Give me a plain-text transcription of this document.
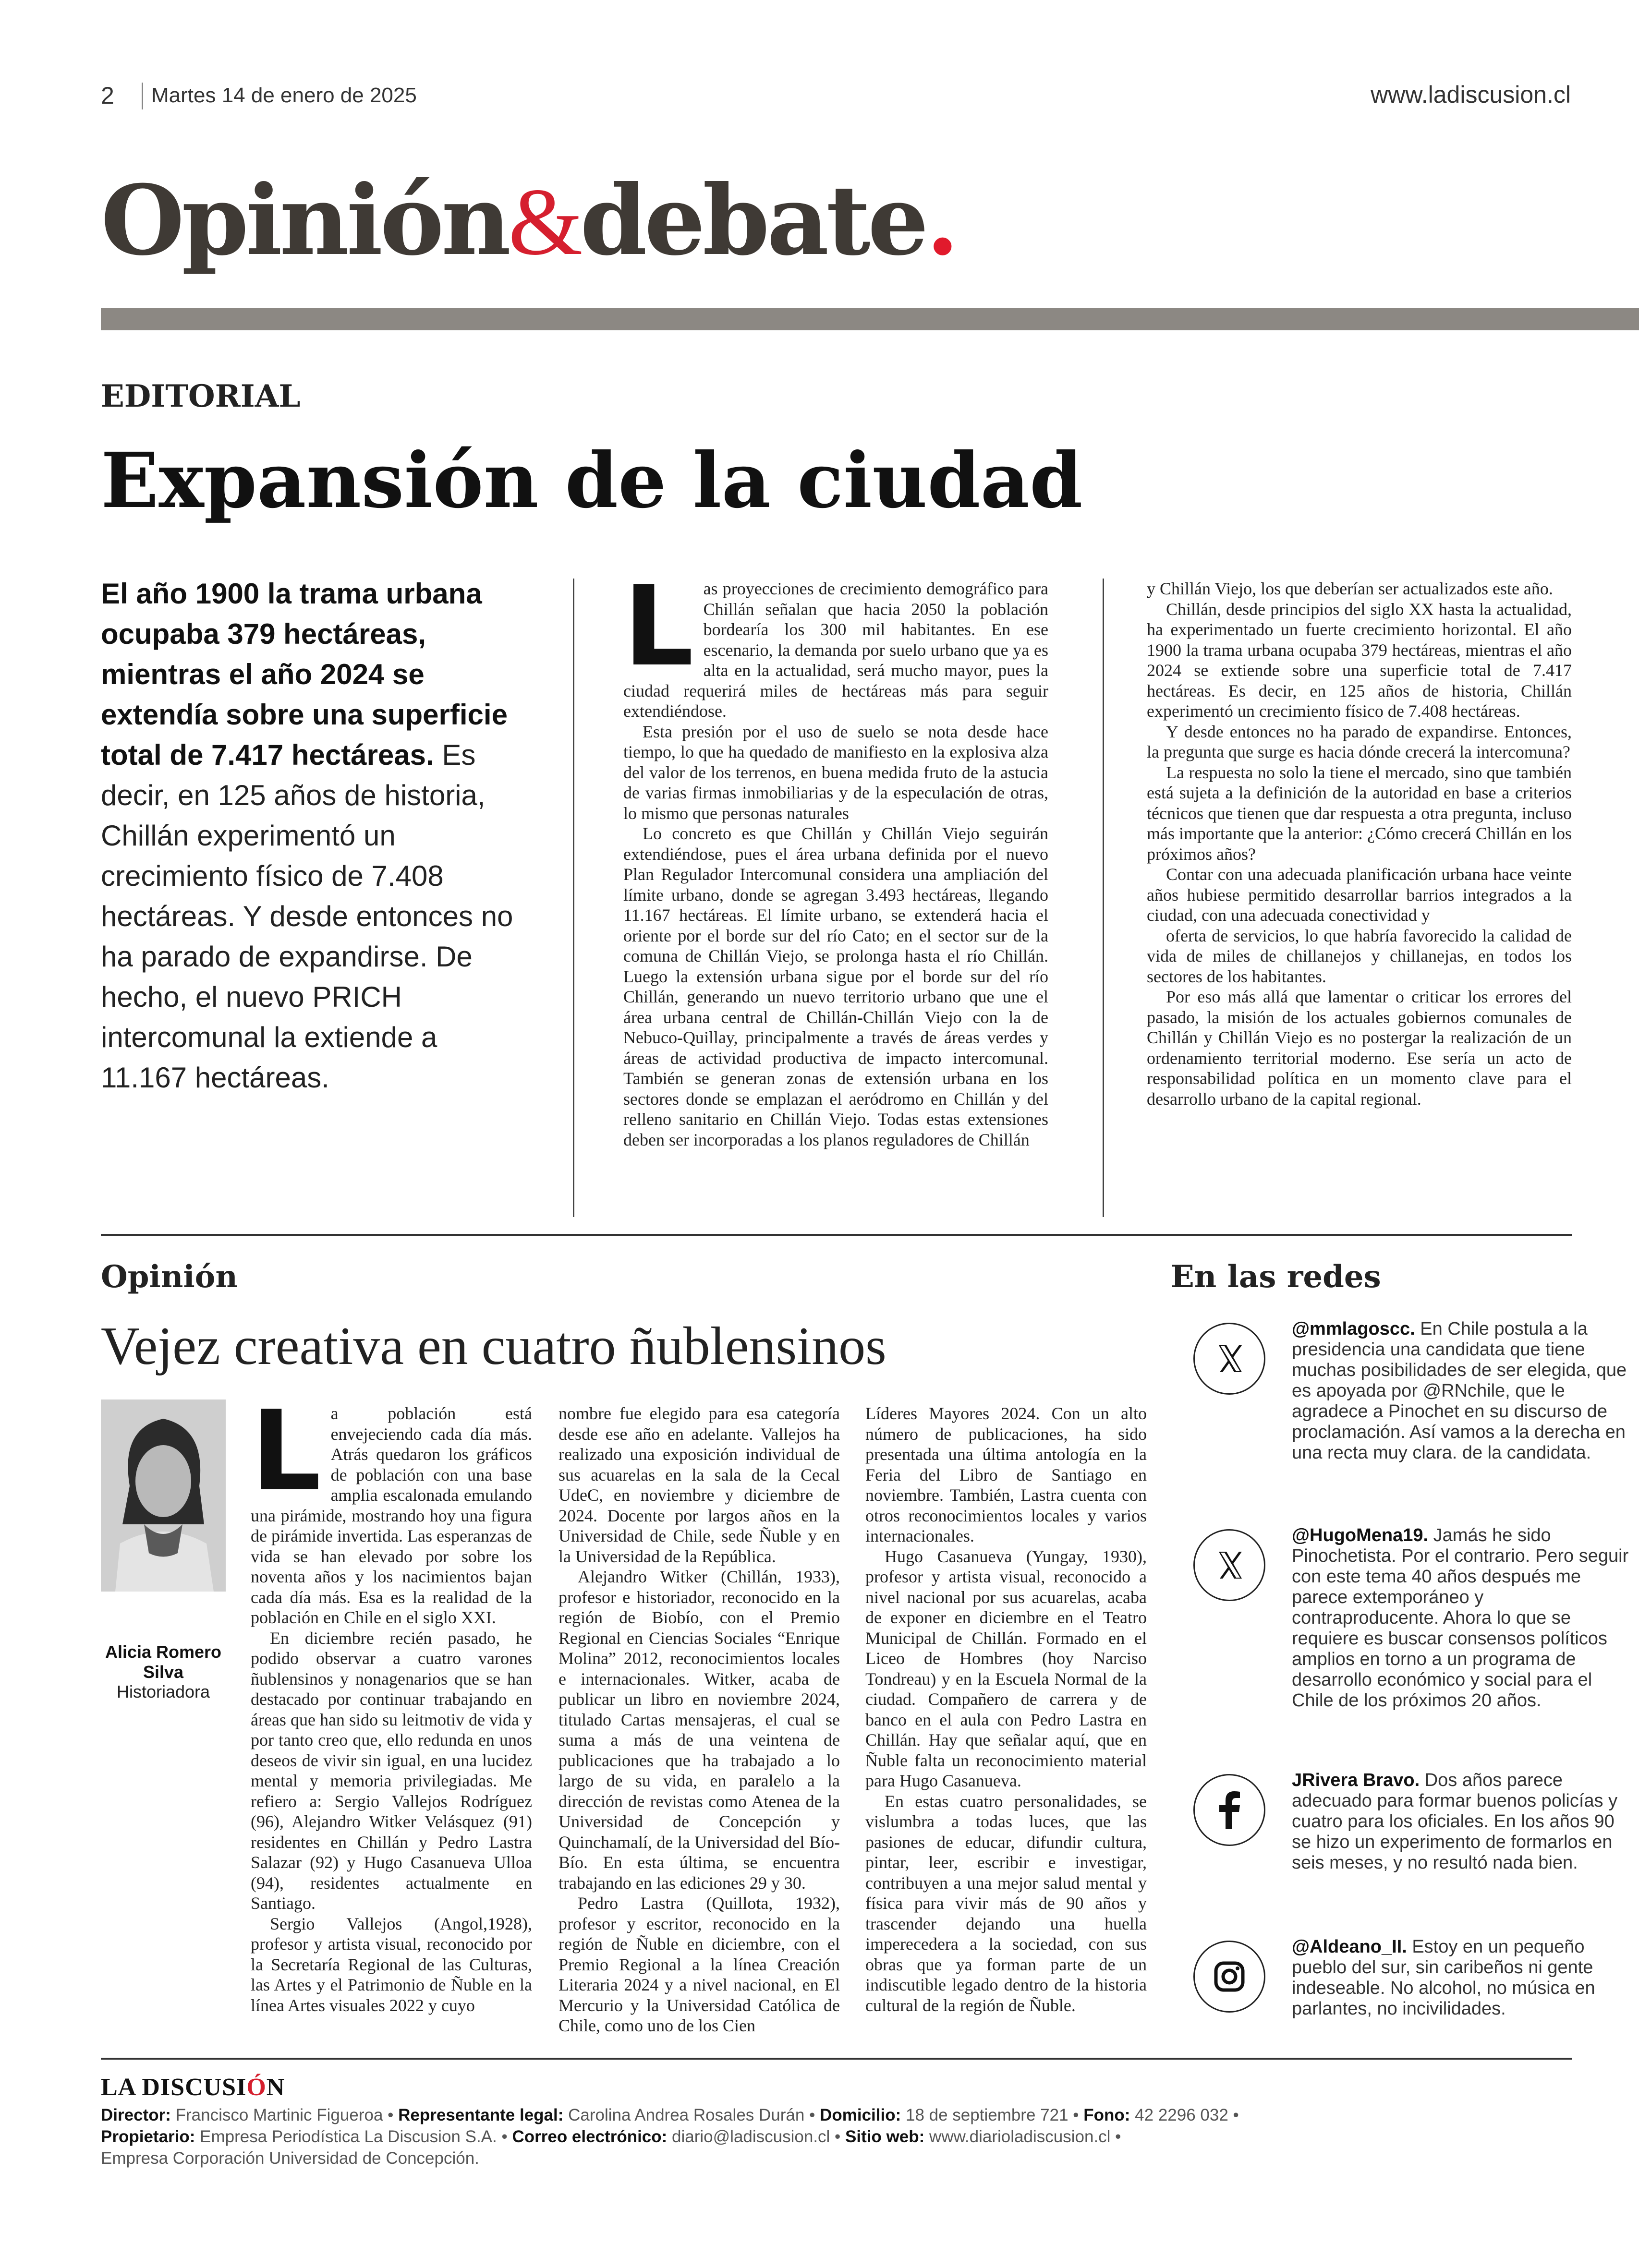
2 Martes 14 de enero de 2025	www.ladiscusion.cl
Opinión&debate.
EDITORIAL
Expansión de la ciudad
El año 1900 la trama urbana ocupaba 379 hectáreas, mientras el año 2024 se extendía sobre una superficie total de 7.417 hectáreas. Es decir, en 125 años de historia, Chillán experimentó un crecimiento físico de 7.408 hectáreas. Y desde entonces no ha parado de expandirse. De hecho, el nuevo PRICH intercomunal la extiende a 11.167 hectáreas.
L as proyecciones de crecimiento demográfico para Chillán señalan que hacia 2050 la población bordearía los 300 mil habitantes. En ese escenario, la demanda por suelo urbano que ya es alta en la actualidad, será mucho mayor, pues la ciudad requerirá miles de hectáreas más para seguir extendiéndose.

Esta presión por el uso de suelo se nota desde hace tiempo, lo que ha quedado de manifiesto en la explosiva alza del valor de los terrenos, en buena medida fruto de la astucia de varias firmas inmobiliarias y de la especulación de otras, lo mismo que personas naturales

Lo concreto es que Chillán y Chillán Viejo seguirán extendiéndose, pues el área urbana definida por el nuevo Plan Regulador Intercomunal considera una ampliación del límite urbano, donde se agregan 3.493 hectáreas, llegando 11.167 hectáreas. El límite urbano, se extenderá hacia el oriente por el borde sur del río Cato; en el sector sur de la comuna de Chillán Viejo, se prolonga hasta el río Chillán. Luego la extensión urbana sigue por el borde sur del río Chillán, generando un nuevo territorio urbano que une el área urbana central de Chillán-Chillán Viejo con la de Nebuco-Quillay, principalmente a través de áreas verdes y áreas de actividad productiva de impacto intercomunal. También se generan zonas de extensión urbana en los sectores donde se emplazan el aeródromo en Chillán y del relleno sanitario en Chillán Viejo. Todas estas extensiones deben ser incorporadas a los planos reguladores de Chillán

y Chillán Viejo, los que deberían ser actualizados este año.

Chillán, desde principios del siglo XX hasta la actualidad, ha experimentado un fuerte crecimiento horizontal. El año 1900 la trama urbana ocupaba 379 hectáreas, mientras el año 2024 se extiende sobre una superficie total de 7.417 hectáreas. Es decir, en 125 años de historia, Chillán experimentó un crecimiento físico de 7.408 hectáreas.

Y desde entonces no ha parado de expandirse. Entonces, la pregunta que surge es hacia dónde crecerá la intercomuna?

La respuesta no solo la tiene el mercado, sino que también está sujeta a la definición de la autoridad en base a criterios técnicos que tienen que dar respuesta a otra pregunta, incluso más importante que la anterior: ¿Cómo crecerá Chillán en los próximos años?

Contar con una adecuada planificación urbana hace veinte años hubiese permitido desarrollar barrios integrados a la ciudad, con una adecuada conectividad y

oferta de servicios, lo que habría favorecido la calidad de vida de miles de chillanejos y chillanejas, en todos los sectores de los habitantes.

Por eso más allá que lamentar o criticar los errores del pasado, la misión de los actuales gobiernos comunales de Chillán y Chillán Viejo es no postergar la realización de un ordenamiento territorial moderno. Ese sería un acto de responsabilidad política en un momento clave para el desarrollo urbano de la capital regional.

Opinión
Vejez creativa en cuatro ñublensinos
Alicia Romero Silva
Historiadora
L a población está envejeciendo cada día más. Atrás quedaron los gráficos de población con una base amplia escalonada emulando una pirámide, mostrando hoy una figura de pirámide invertida. Las esperanzas de vida se han elevado por sobre los noventa años y los nacimientos bajan cada día más. Esa es la realidad de la población en Chile en el siglo XXI.

En diciembre recién pasado, he podido observar a cuatro varones ñublensinos y nonagenarios que se han destacado por continuar trabajando en áreas que han sido su leitmotiv de vida y por tanto creo que, ello redunda en unos deseos de vivir sin igual, en una lucidez mental y memoria privilegiadas. Me refiero a: Sergio Vallejos Rodríguez (96), Alejandro Witker Velásquez (91) residentes en Chillán y Pedro Lastra Salazar (92) y Hugo Casanueva Ulloa (94), residentes actualmente en Santiago.

Sergio Vallejos (Angol,1928), profesor y artista visual, reconocido por la Secretaría Regional de las Culturas, las Artes y el Patrimonio de Ñuble en la línea Artes visuales 2022 y cuyo

nombre fue elegido para esa categoría desde ese año en adelante. Vallejos ha realizado una exposición individual de sus acuarelas en la sala de la Cecal UdeC, en noviembre y diciembre de 2024. Docente por largos años en la Universidad de Chile, sede Ñuble y en la Universidad de la República.

Alejandro Witker (Chillán, 1933), profesor e historiador, reconocido en la región de Biobío, con el Premio Regional en Ciencias Sociales “Enrique Molina” 2012, reconocimientos locales e internacionales. Witker, acaba de publicar un libro en noviembre 2024, titulado Cartas mensajeras, el cual se suma a más de una veintena de publicaciones que ha trabajado a lo largo de su vida, en paralelo a la dirección de revistas como Atenea de la Universidad de Concepción y Quinchamalí, de la Universidad del Bío-Bío. En esta última, se encuentra trabajando en las ediciones 29 y 30.

Pedro Lastra (Quillota, 1932), profesor y escritor, reconocido en la región de Ñuble en diciembre, con el Premio Regional a la línea Creación Literaria 2024 y a nivel nacional, en El Mercurio y la Universidad Católica de Chile, como uno de los Cien

Líderes Mayores 2024. Con un alto número de publicaciones, ha sido presentada una última antología en la Feria del Libro de Santiago en noviembre. También, Lastra cuenta con otros reconocimientos locales y varios internacionales.

Hugo Casanueva (Yungay, 1930), profesor y artista visual, reconocido a nivel nacional por sus acuarelas, acaba de exponer en diciembre en el Teatro Municipal de Chillán. Formado en el Liceo de Hombres (hoy Narciso Tondreau) y en la Escuela Normal de la ciudad. Compañero de carrera y de banco en el aula con Pedro Lastra en Chillán. Hay que señalar aquí, que en Ñuble falta un reconocimiento material para Hugo Casanueva.

En estas cuatro personalidades, se vislumbra a todas luces, que las pasiones de educar, difundir cultura, pintar, leer, escribir e investigar, contribuyen a una mejor salud mental y física para vivir más de 90 años y trascender dejando una huella imperecedera a la sociedad, con sus obras que ya forman parte de un indiscutible legado dentro de la historia cultural de la región de Ñuble.

En las redes
@mmlagoscc. En Chile postula a la presidencia una candidata que tiene muchas posibilidades de ser elegida, que es apoyada por @RNchile, que le agradece a Pinochet en su discurso de proclamación. Así vamos a la derecha en una recta muy clara. de la candidata.
@HugoMena19. Jamás he sido Pinochetista. Por el contrario. Pero seguir con este tema 40 años después me parece extemporáneo y contraproducente. Ahora lo que se requiere es buscar consensos políticos amplios en torno a un programa de desarrollo económico y social para el Chile de los próximos 20 años.
JRivera Bravo. Dos años parece adecuado para formar buenos policías y cuatro para los oficiales. En los años 90 se hizo un experimento de formarlos en seis meses, y no resultó nada bien.
@Aldeano_II. Estoy en un pequeño pueblo del sur, sin caribeños ni gente indeseable. No alcohol, no música en parlantes, no incivilidades.
LA DISCUSIÓN
Director: Francisco Martinic Figueroa • Representante legal: Carolina Andrea Rosales Durán • Domicilio: 18 de septiembre 721 • Fono: 42 2296 032 •
Propietario: Empresa Periodística La Discusion S.A. • Correo electrónico: diario@ladiscusion.cl • Sitio web: www.diarioladiscusion.cl •
Empresa Corporación Universidad de Concepción.
